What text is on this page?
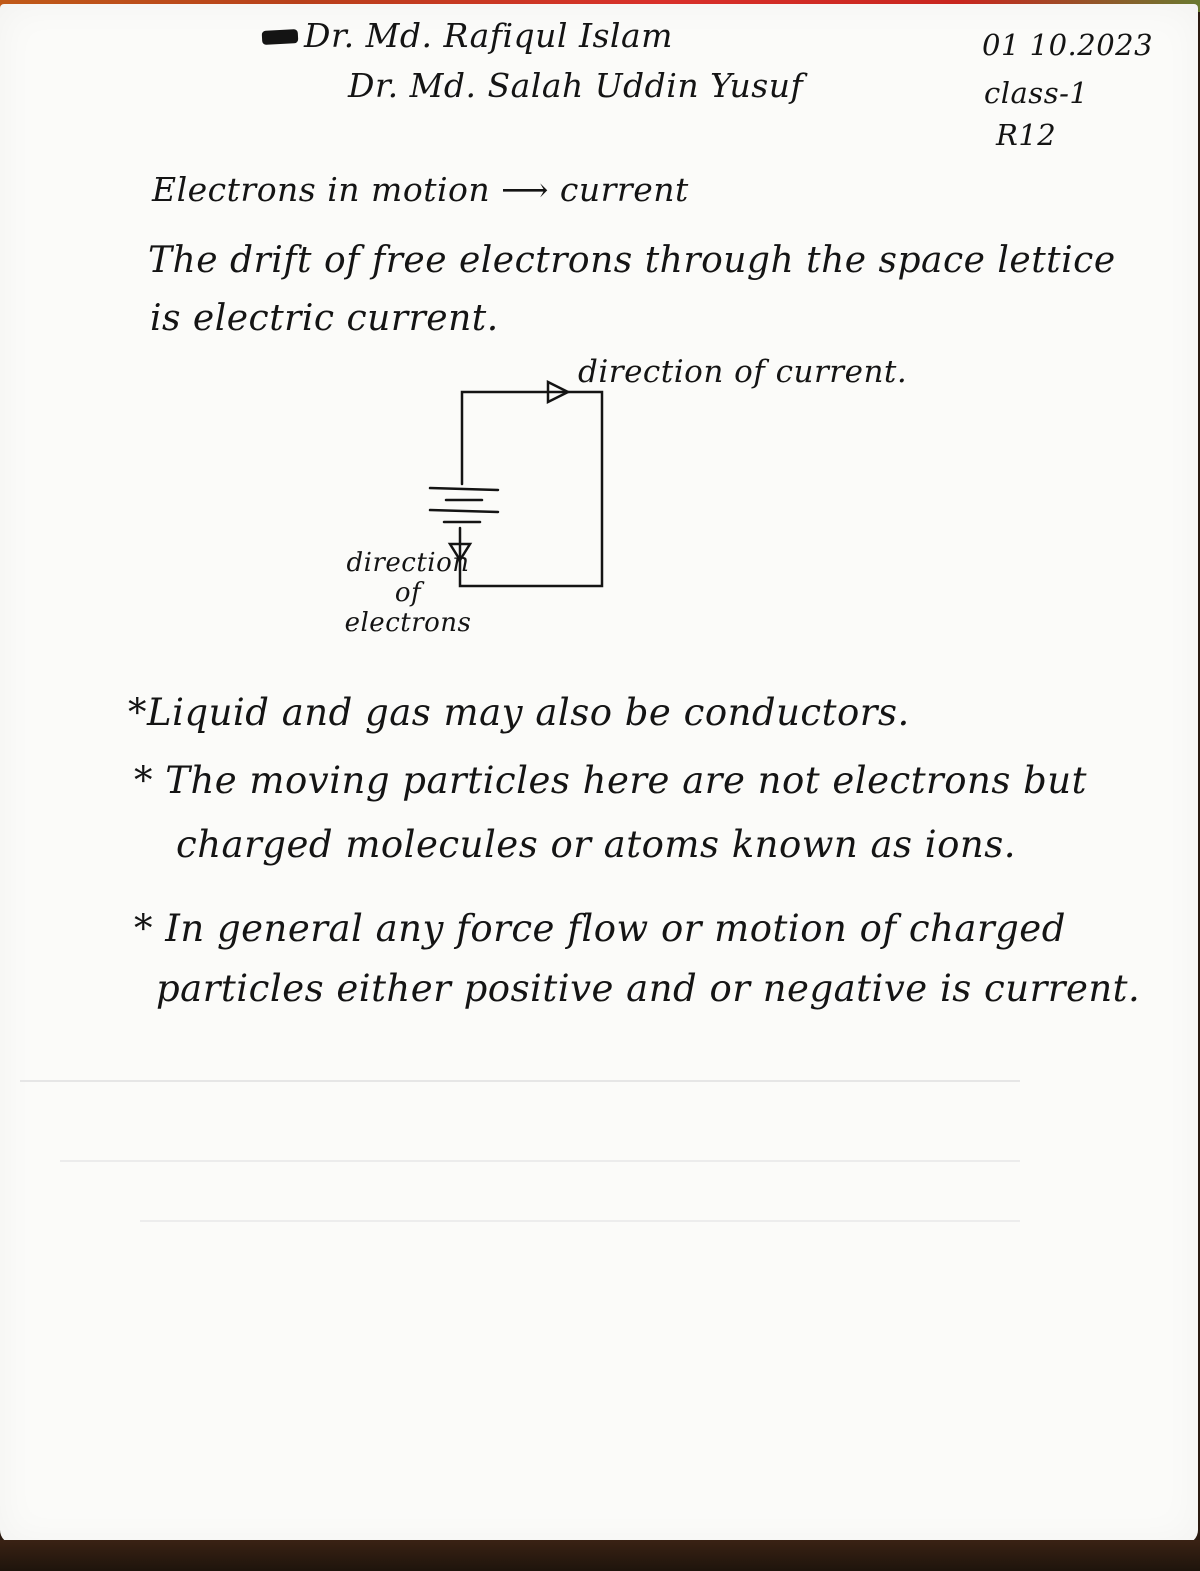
Dr. Md. Rafiqul Islam

Dr. Md. Salah Uddin Yusuf

01 10.2023

class-1

R12

Electrons in motion ⟶ current

The drift of free electrons through the space lettice

is electric current.

direction of current.

direction of electrons

*Liquid and gas may also be conductors.

* The moving particles here are not electrons but

charged molecules or atoms known as ions.

* In general any force flow or motion of charged

particles either positive and or negative is current.
